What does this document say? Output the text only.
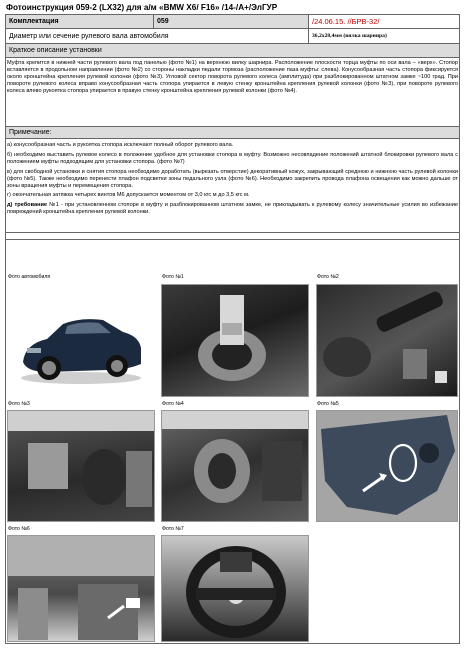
Фотоинструкция 059-2 (LX32) для а/м «BMW X6/ F16» /14-/А+/ЭлГУР
Комплектация	059	/24.06.15. //БРВ-32/
Диаметр или сечение рулевого вала автомобиля	36,2х28,4мм (вилка шарнира)
Краткое описание установки
Муфта крепится в нижней части рулевого вала под панелью (фото №1) на верхнюю вилку шарнира. Расположение плоскости торца муфты по оси вала – «верх». Стопор вставляется в продольном направлении (фото №2) со стороны накладки педали тормоза (расположение паза муфты: слева). Конусообразная часть стопора фиксируется около кронштейна крепления рулевой колонки (фото №3). Угловой сектор поворота рулевого колеса (амплитуда) при разблокированном штатном замке ~100 град. При повороте рулевого колеса вправо конусообразная часть стопора упирается в левую стенку кронштейна крепления рулевой колонки (фото №3), при повороте рулевого колеса влево рукоятка стопора упирается в правую стенку кронштейна крепления рулевой колонки (фото №4).
Примечание:
а) конусообразная часть и рукоятка стопора исключают полный оборот рулевого вала.
б) необходимо выставить рулевое колесо в положение удобное для установки стопора в муфту. Возможно несовпадение положений штатной блокировки рулевого вала с положением муфты подходящим для установки стопора. (фото №7)
в) для свободной установки и снятия стопора необходимо доработать (вырезать отверстие) декоративный кожух, закрывающий среднюю и нижнюю часть рулевой колонки (фото №5). Также необходимо перенести плафон подсветки зоны педального узла (фото №6). Необходимо закрепить провода плафона освещения как можно дальше от зоны вращения муфты и перемещения стопора.
г) окончательная затяжка четырех винтов М6 допускается моментом от 3,0 кгс м до 3,5 кгс м.
д) требование №1 - при установленном стопоре в муфту и разблокированном штатном замке, не прикладывать к рулевому колесу значительные усилия во избежание повреждений кронштейна крепления рулевой колонки.
Фото автомобиля	Фото №1	Фото №2
Фото №3	Фото №4	Фото №5
Фото №6	Фото №7
